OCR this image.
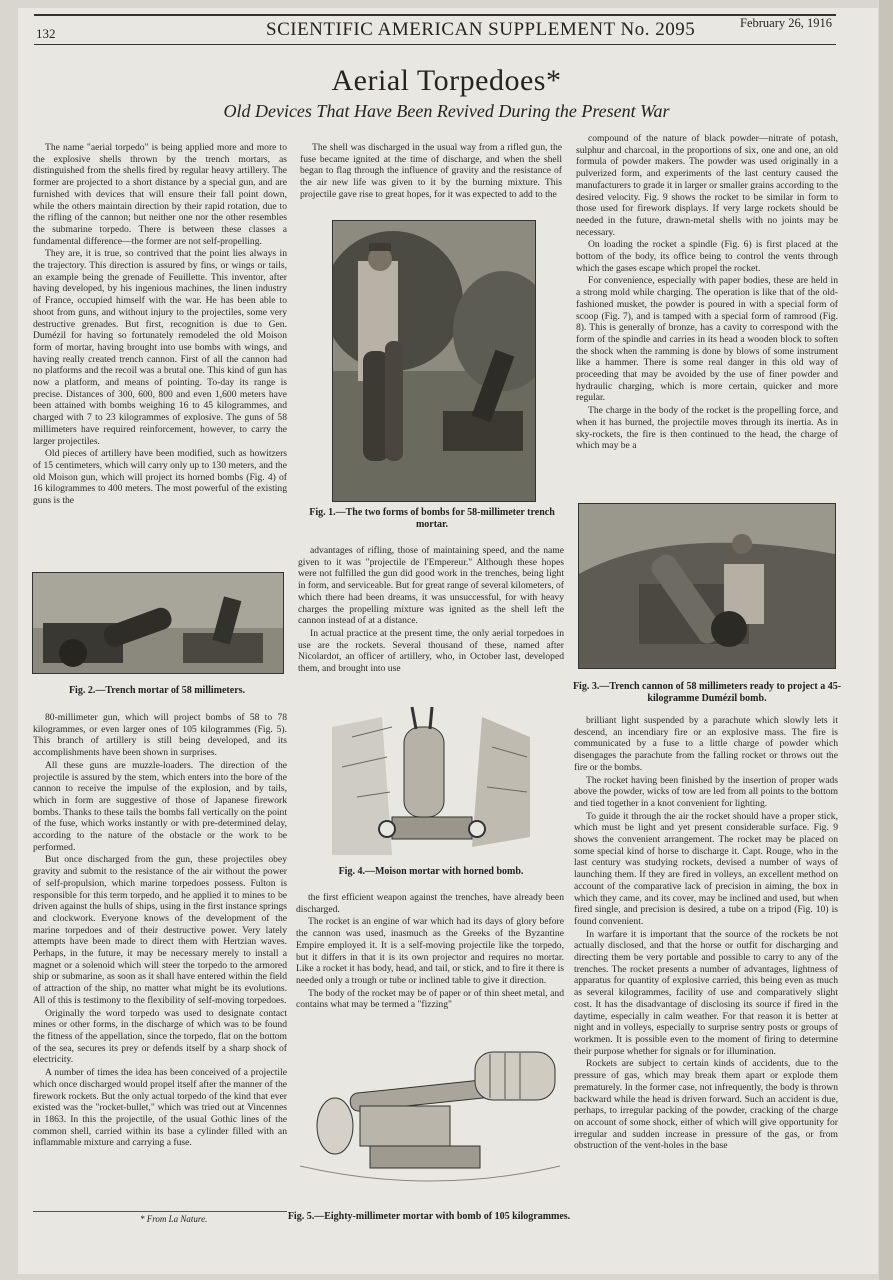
132	SCIENTIFIC AMERICAN SUPPLEMENT No. 2095	February 26, 1916
Aerial Torpedoes*
Old Devices That Have Been Revived During the Present War

The name "aerial torpedo" is being applied more and more to the explosive shells thrown by the trench mortars, as distinguished from the shells fired by regular heavy artillery. The former are projected to a short distance by a special gun, and are furnished with devices that will ensure their fall point down, while the others maintain direction by their rapid rotation, due to the rifling of the cannon; but neither one nor the other resembles the submarine torpedo. There is between these classes a fundamental difference—the former are not self-propelling.

They are, it is true, so contrived that the point lies always in the trajectory. This direction is assured by fins, or wings or tails, an example being the grenade of Feuillette. This inventor, after having developed, by his ingenious machines, the linen industry of France, occupied himself with the war. He has been able to shoot from guns, and without injury to the projectiles, some very destructive grenades. But first, recognition is due to Gen. Dumézil for having so fortunately remodeled the old Moison form of mortar, having brought into use bombs with wings, and having really created trench cannon. First of all the cannon had no platforms and the recoil was a brutal one. This kind of gun has now a platform, and means of pointing. To-day its range is precise. Distances of 300, 600, 800 and even 1,600 meters have been attained with bombs weighing 16 to 45 kilogrammes, and charged with 7 to 23 kilogrammes of explosive. The guns of 58 millimeters have required reinforcement, however, to carry the larger projectiles.

Old pieces of artillery have been modified, such as howitzers of 15 centimeters, which will carry only up to 130 meters, and the old Moison gun, which will project its horned bombs (Fig. 4) of 16 kilogrammes to 400 meters. The most powerful of the existing guns is the

The shell was discharged in the usual way from a rifled gun, the fuse became ignited at the time of discharge, and when the shell began to flag through the influence of gravity and the resistance of the air new life was given to it by the burning mixture. This projectile gave rise to great hopes, for it was expected to add to the

compound of the nature of black powder—nitrate of potash, sulphur and charcoal, in the proportions of six, one and one, an old formula of powder makers. The powder was used originally in a pulverized form, and experiments of the last century caused the manufacturers to grade it in larger or smaller grains according to the desired velocity. Fig. 9 shows the rocket to be similar in form to those used for firework displays. If very large rockets should be needed in the future, drawn-metal shells with no joints may be necessary.

On loading the rocket a spindle (Fig. 6) is first placed at the bottom of the body, its office being to control the vents through which the gases escape which propel the rocket.

For convenience, especially with paper bodies, these are held in a strong mold while charging. The operation is like that of the old-fashioned musket, the powder is poured in with a special form of scoop (Fig. 7), and is tamped with a special form of ramrood (Fig. 8). This is generally of bronze, has a cavity to correspond with the form of the spindle and carries in its head a wooden block to soften the shock when the ramming is done by blows of some instrument like a hammer. There is some real danger in this old way of proceeding that may be avoided by the use of finer powder and hydraulic charging, which is more certain, quicker and more regular.

The charge in the body of the rocket is the propelling force, and when it has burned, the projectile moves through its inertia. As in sky-rockets, the fire is then continued to the head, the charge of which may be a

advantages of rifling, those of maintaining speed, and the name given to it was "projectile de l'Empereur." Although these hopes were not fulfilled the gun did good work in the trenches, being light in form, and serviceable. But for great range of several kilometers, of which there had been dreams, it was unsuccessful, for with heavy charges the propelling mixture was ignited as the shell left the cannon instead of at a distance.

In actual practice at the present time, the only aerial torpedoes in use are the rockets. Several thousand of these, named after Nicolardot, an officer of artillery, who, in October last, developed them, and brought into use

80-millimeter gun, which will project bombs of 58 to 78 kilogrammes, or even larger ones of 105 kilogrammes (Fig. 5). This branch of artillery is still being developed, and its accomplishments have been shown in surprises.

All these guns are muzzle-loaders. The direction of the projectile is assured by the stem, which enters into the bore of the cannon to receive the impulse of the explosion, and by tails, which in form are suggestive of those of Japanese firework bombs. Thanks to these tails the bombs fall vertically on the point of the fuse, which works instantly or with pre-determined delay, according to the nature of the obstacle or the work to be performed.

But once discharged from the gun, these projectiles obey gravity and submit to the resistance of the air without the power of self-propulsion, which marine torpedoes possess. Fulton is responsible for this term torpedo, and he applied it to mines to be driven against the hulls of ships, using in the first instance springs and clockwork. Everyone knows of the development of the marine torpedoes and of their destructive power. Very lately attempts have been made to direct them with Hertzian waves. Perhaps, in the future, it may be necessary merely to install a magnet or a solenoid which will steer the torpedo to the armored ship or submarine, as soon as it shall have entered within the field of attraction of the ship, no matter what might be its evolutions. All of this is testimony to the flexibility of self-moving torpedoes.

Originally the word torpedo was used to designate contact mines or other forms, in the discharge of which was to be found the fitness of the appellation, since the torpedo, flat on the bottom of the sea, secures its prey or defends itself by a sharp shock of electricity.

A number of times the idea has been conceived of a projectile which once discharged would propel itself after the manner of the firework rockets. But the only actual torpedo of the kind that ever existed was the "rocket-bullet," which was tried out at Vincennes in 1863. In this the projectile, of the usual Gothic lines of the common shell, carried within its base a cylinder filled with an inflammable mixture and carrying a fuse.

the first efficient weapon against the trenches, have already been discharged.

The rocket is an engine of war which had its days of glory before the cannon was used, inasmuch as the Greeks of the Byzantine Empire employed it. It is a self-moving projectile like the torpedo, but it differs in that it is its own projector and requires no mortar. Like a rocket it has body, head, and tail, or stick, and to fire it there is needed only a trough or tube or inclined table to give it direction.

The body of the rocket may be of paper or of thin sheet metal, and contains what may be termed a "fizzing"

brilliant light suspended by a parachute which slowly lets it descend, an incendiary fire or an explosive mass. The fire is communicated by a fuse to a little charge of powder which disengages the parachute from the falling rocket or throws out the fire or the bombs.

The rocket having been finished by the insertion of proper wads above the powder, wicks of tow are led from all points to the bottom and tied together in a knot convenient for lighting.

To guide it through the air the rocket should have a proper stick, which must be light and yet present considerable surface. Fig. 9 shows the convenient arrangement. The rocket may be placed on some special kind of horse to discharge it. Capt. Rouge, who in the last century was studying rockets, devised a number of ways of launching them. If they are fired in volleys, an excellent method on account of the comparative lack of precision in aiming, the box in which they came, and its cover, may be inclined and used, but when fired single, and precision is desired, a tube on a tripod (Fig. 10) is found convenient.

In warfare it is important that the source of the rockets be not actually disclosed, and that the horse or outfit for discharging and directing them be very portable and possible to carry to any of the trenches. The rocket presents a number of advantages, lightness of apparatus for quantity of explosive carried, this being even as much as several kilogrammes, facility of use and comparatively slight cost. It has the disadvantage of disclosing its source if fired in the daytime, especially in calm weather. For that reason it is better at night and in volleys, especially to surprise sentry posts or groups of workmen. It is possible even to the moment of firing to determine their purpose whether for signals or for illumination.

Rockets are subject to certain kinds of accidents, due to the pressure of gas, which may break them apart or explode them prematurely. In the former case, not infrequently, the body is thrown backward while the head is driven forward. Such an accident is due, perhaps, to irregular packing of the powder, cracking of the charge on account of some shock, either of which will give opportunity for irregular and sudden increase in pressure of the gas, or from obstruction of the vent-holes in the base

Fig. 1.—The two forms of bombs for 58-millimeter trench mortar.
Fig. 2.—Trench mortar of 58 millimeters.	Fig. 3.—Trench cannon of 58 millimeters ready to project a 45-kilogramme Dumézil bomb.
Fig. 4.—Moison mortar with horned bomb.
Fig. 5.—Eighty-millimeter mortar with bomb of 105 kilogrammes.
* From La Nature.
